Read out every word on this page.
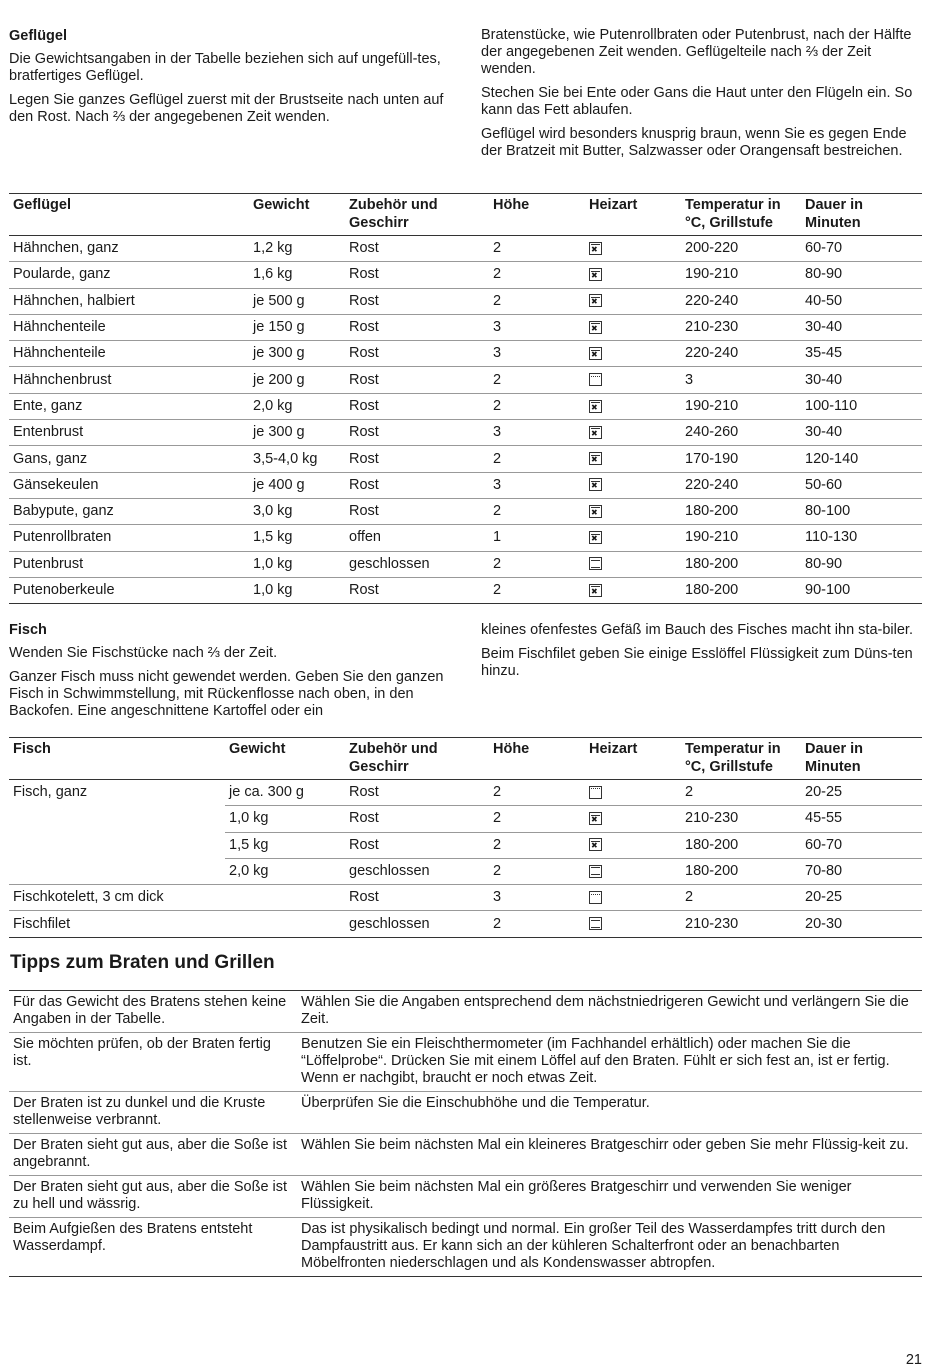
Geflügel

Die Gewichtsangaben in der Tabelle beziehen sich auf ungefüll-tes, bratfertiges Geflügel.

Legen Sie ganzes Geflügel zuerst mit der Brustseite nach unten auf den Rost. Nach ⅔ der angegebenen Zeit wenden.

Bratenstücke, wie Putenrollbraten oder Putenbrust, nach der Hälfte der angegebenen Zeit wenden. Geflügelteile nach ⅔ der Zeit wenden.

Stechen Sie bei Ente oder Gans die Haut unter den Flügeln ein. So kann das Fett ablaufen.

Geflügel wird besonders knusprig braun, wenn Sie es gegen Ende der Bratzeit mit Butter, Salzwasser oder Orangensaft bestreichen.

Geflügel	Gewicht	Zubehör und Geschirr	Höhe	Heizart	Temperatur in °C, Grillstufe	Dauer in Minuten
Hähnchen, ganz	1,2 kg	Rost	2	✖	200-220	60-70
Poularde, ganz	1,6 kg	Rost	2	✖	190-210	80-90
Hähnchen, halbiert	je 500 g	Rost	2	✖	220-240	40-50
Hähnchenteile	je 150 g	Rost	3	✖	210-230	30-40
Hähnchenteile	je 300 g	Rost	3	✖	220-240	35-45
Hähnchenbrust	je 200 g	Rost	2		3	30-40
Ente, ganz	2,0 kg	Rost	2	✖	190-210	100-110
Entenbrust	je 300 g	Rost	3	✖	240-260	30-40
Gans, ganz	3,5-4,0 kg	Rost	2	✖	170-190	120-140
Gänsekeulen	je 400 g	Rost	3	✖	220-240	50-60
Babypute, ganz	3,0 kg	Rost	2	✖	180-200	80-100
Putenrollbraten	1,5 kg	offen	1	✖	190-210	110-130
Putenbrust	1,0 kg	geschlossen	2		180-200	80-90
Putenoberkeule	1,0 kg	Rost	2	✖	180-200	90-100
Fisch

Wenden Sie Fischstücke nach ⅔ der Zeit.

Ganzer Fisch muss nicht gewendet werden. Geben Sie den ganzen Fisch in Schwimmstellung, mit Rückenflosse nach oben, in den Backofen. Eine angeschnittene Kartoffel oder ein

kleines ofenfestes Gefäß im Bauch des Fisches macht ihn sta-biler.

Beim Fischfilet geben Sie einige Esslöffel Flüssigkeit zum Düns-ten hinzu.

Fisch	Gewicht	Zubehör und Geschirr	Höhe	Heizart	Temperatur in °C, Grillstufe	Dauer in Minuten
Fisch, ganz	je ca. 300 g	Rost	2		2	20-25
	1,0 kg	Rost	2	✖	210-230	45-55
	1,5 kg	Rost	2	✖	180-200	60-70
	2,0 kg	geschlossen	2		180-200	70-80
Fischkotelett, 3 cm dick		Rost	3		2	20-25
Fischfilet		geschlossen	2		210-230	20-30
Tipps zum Braten und Grillen
Für das Gewicht des Bratens stehen keine Angaben in der Tabelle.	Wählen Sie die Angaben entsprechend dem nächstniedrigeren Gewicht und verlängern Sie die Zeit.
Sie möchten prüfen, ob der Braten fertig ist.	Benutzen Sie ein Fleischthermometer (im Fachhandel erhältlich) oder machen Sie die “Löffelprobe“. Drücken Sie mit einem Löffel auf den Braten. Fühlt er sich fest an, ist er fertig. Wenn er nachgibt, braucht er noch etwas Zeit.
Der Braten ist zu dunkel und die Kruste stellenweise verbrannt.	Überprüfen Sie die Einschubhöhe und die Temperatur.
Der Braten sieht gut aus, aber die Soße ist angebrannt.	Wählen Sie beim nächsten Mal ein kleineres Bratgeschirr oder geben Sie mehr Flüssig-keit zu.
Der Braten sieht gut aus, aber die Soße ist zu hell und wässrig.	Wählen Sie beim nächsten Mal ein größeres Bratgeschirr und verwenden Sie weniger Flüssigkeit.
Beim Aufgießen des Bratens entsteht Wasserdampf.	Das ist physikalisch bedingt und normal. Ein großer Teil des Wasserdampfes tritt durch den Dampfaustritt aus. Er kann sich an der kühleren Schalterfront oder an benachbarten Möbelfronten niederschlagen und als Kondenswasser abtropfen.
21
